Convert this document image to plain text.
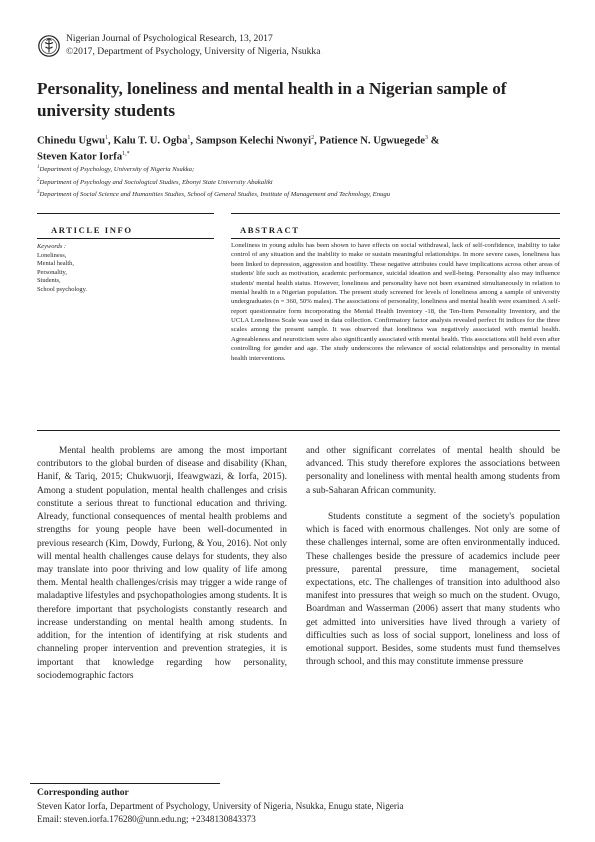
Nigerian Journal of Psychological Research, 13, 2017
©2017, Department of Psychology, University of Nigeria, Nsukka
Personality, loneliness and mental health in a Nigerian sample of university students
Chinedu Ugwu$^1$, Kalu T. U. Ogba$^1$, Sampson Kelechi Nwonyi$^2$, Patience N. Ugwuegede$^3$ &
Steven Kator Iorfa$^{1,*}$
$^1$Department of Psychology, University of Nigeria Nsukka;
$^2$Department of Psychology and Sociological Studies, Ebonyi State University Abakaliki
$^3$Department of Social Science and Humanities Studies, School of General Studies, Institute of Management and Technology, Enugu
ARTICLE INFO	ABSTRACT
Keywords :
Loneliness,
Mental health,
Personality,
Students,
School psychology.
Loneliness in young adults has been shown to have effects on social withdrawal, lack of self-confidence, inability to take control of any situation and the inability to make or sustain meaningful relationships. In more severe cases, loneliness has been linked to depression, aggression and hostility. These negative attributes could have implications across other areas of students' life such as motivation, academic performance, suicidal ideation and well-being. Personality also may influence students' mental health status. However, loneliness and personality have not been examined simultaneously in relation to mental health in a Nigerian population. The present study screened for levels of loneliness among a sample of university undergraduates (n = 360, 50% males). The associations of personality, loneliness and mental health were examined. A self-report questionnaire form incorporating the Mental Health Inventory -18, the Ten-Item Personality Inventory, and the UCLA Loneliness Scale was used in data collection. Confirmatory factor analysis revealed perfect fit indices for the three scales among the present sample. It was observed that loneliness was negatively associated with mental health. Agreeableness and neuroticism were also significantly associated with mental health. This associations still held even after controlling for gender and age. The study underscores the relevance of social relationships and personality in mental health interventions.

Mental health problems are among the most important contributors to the global burden of disease and disability (Khan, Hanif, & Tariq, 2015; Chukwuorji, Ifeawgwazi, & Iorfa, 2015). Among a student population, mental health challenges and crisis constitute a serious threat to functional education and thriving. Already, functional consequences of mental health problems and strengths for young people have been well-documented in previous research (Kim, Dowdy, Furlong, & You, 2016). Not only will mental health challenges cause delays for students, they also may translate into poor thriving and low quality of life among them. Mental health challenges/crisis may trigger a wide range of maladaptive lifestyles and psychopathologies among students. It is therefore important that psychologists constantly research and increase understanding on mental health among students. In addition, for the intention of identifying at risk students and channeling proper intervention and prevention strategies, it is important that knowledge regarding how personality, sociodemographic factors

and other significant correlates of mental health should be advanced. This study therefore explores the associations between personality and loneliness with mental health among students from a sub-Saharan African community.

Students constitute a segment of the society's population which is faced with enormous challenges. Not only are some of these challenges internal, some are often environmentally induced. These challenges beside the pressure of academics include peer pressure, parental pressure, time management, societal expectations, etc. The challenges of transition into adulthood also manifest into pressures that weigh so much on the student. Ovugo, Boardman and Wasserman (2006) assert that many students who get admitted into universities have lived through a variety of difficulties such as loss of social support, loneliness and loss of emotional support. Besides, some students must fund themselves through school, and this may constitute immense pressure

Corresponding author
Steven Kator Iorfa, Department of Psychology, University of Nigeria, Nsukka, Enugu state, Nigeria
Email: steven.iorfa.176280@unn.edu.ng; +2348130843373
